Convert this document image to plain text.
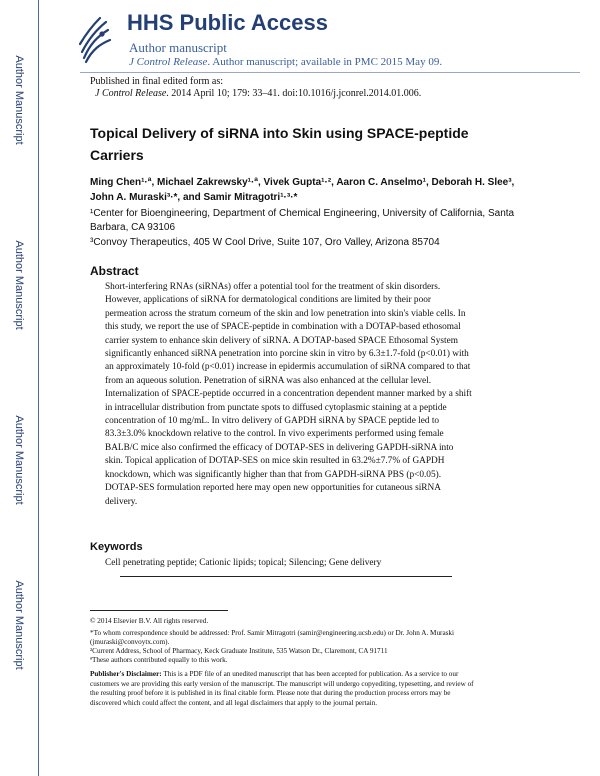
Author Manuscript
Author Manuscript
Author Manuscript
Author Manuscript
HHS Public Access
Author manuscript
J Control Release. Author manuscript; available in PMC 2015 May 09.
Published in final edited form as:
J Control Release. 2014 April 10; 179: 33–41. doi:10.1016/j.jconrel.2014.01.006.
Topical Delivery of siRNA into Skin using SPACE-peptide
Carriers
Ming Chen¹·ª, Michael Zakrewsky¹·ª, Vivek Gupta¹·², Aaron C. Anselmo¹, Deborah H. Slee³,
John A. Muraski³·*, and Samir Mitragotri¹·³·*
¹Center for Bioengineering, Department of Chemical Engineering, University of California, Santa
Barbara, CA 93106
³Convoy Therapeutics, 405 W Cool Drive, Suite 107, Oro Valley, Arizona 85704
Abstract
Short-interfering RNAs (siRNAs) offer a potential tool for the treatment of skin disorders.
However, applications of siRNA for dermatological conditions are limited by their poor
permeation across the stratum corneum of the skin and low penetration into skin's viable cells. In
this study, we report the use of SPACE-peptide in combination with a DOTAP-based ethosomal
carrier system to enhance skin delivery of siRNA. A DOTAP-based SPACE Ethosomal System
significantly enhanced siRNA penetration into porcine skin in vitro by 6.3±1.7-fold (p<0.01) with
an approximately 10-fold (p<0.01) increase in epidermis accumulation of siRNA compared to that
from an aqueous solution. Penetration of siRNA was also enhanced at the cellular level.
Internalization of SPACE-peptide occurred in a concentration dependent manner marked by a shift
in intracellular distribution from punctate spots to diffused cytoplasmic staining at a peptide
concentration of 10 mg/mL. In vitro delivery of GAPDH siRNA by SPACE peptide led to
83.3±3.0% knockdown relative to the control. In vivo experiments performed using female
BALB/C mice also confirmed the efficacy of DOTAP-SES in delivering GAPDH-siRNA into
skin. Topical application of DOTAP-SES on mice skin resulted in 63.2%±7.7% of GAPDH
knockdown, which was significantly higher than that from GAPDH-siRNA PBS (p<0.05).
DOTAP-SES formulation reported here may open new opportunities for cutaneous siRNA
delivery.
Keywords
Cell penetrating peptide; Cationic lipids; topical; Silencing; Gene delivery
© 2014 Elsevier B.V. All rights reserved.
*To whom correspondence should be addressed: Prof. Samir Mitragotri (samir@engineering.ucsb.edu) or Dr. John A. Muraski
(jmuraski@convoytx.com).
²Current Address, School of Pharmacy, Keck Graduate Institute, 535 Watson Dr., Claremont, CA 91711
ªThese authors contributed equally to this work.
Publisher's Disclaimer: This is a PDF file of an unedited manuscript that has been accepted for publication. As a service to our
customers we are providing this early version of the manuscript. The manuscript will undergo copyediting, typesetting, and review of
the resulting proof before it is published in its final citable form. Please note that during the production process errors may be
discovered which could affect the content, and all legal disclaimers that apply to the journal pertain.
